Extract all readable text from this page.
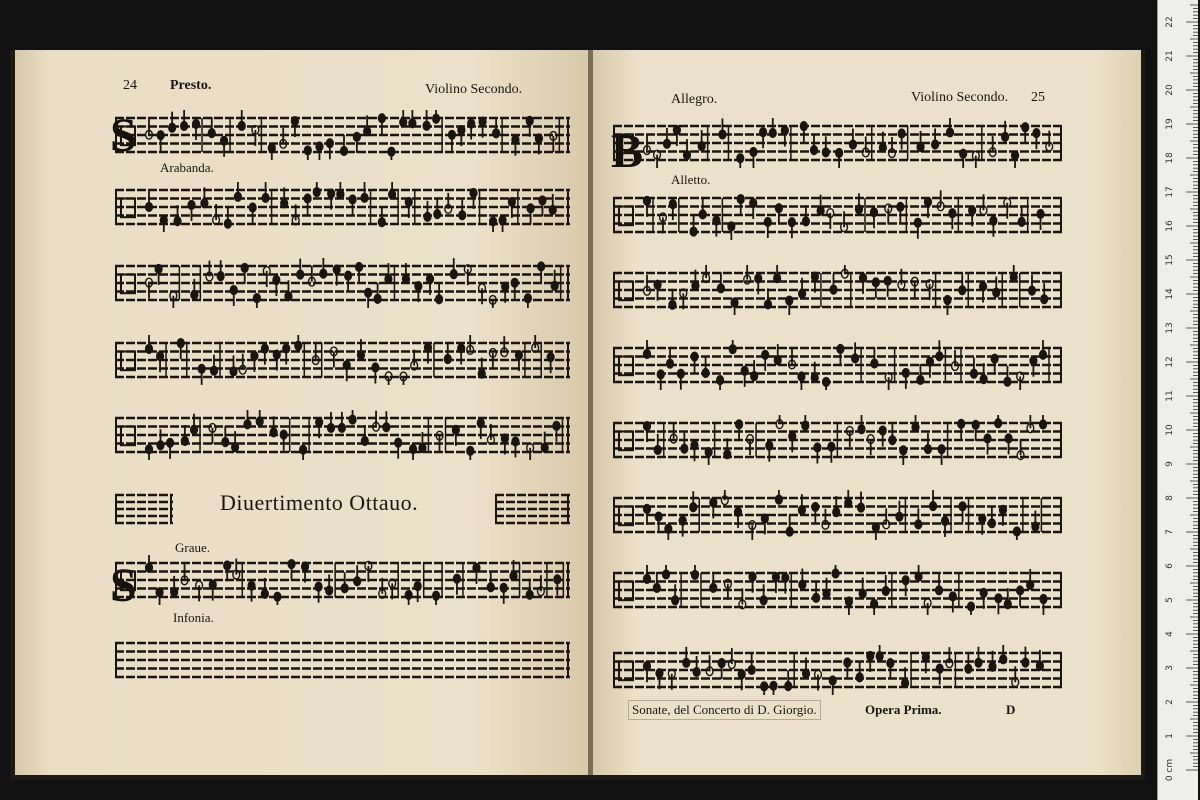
24 Presto.	Violino Secondo.
S
Arabanda.
Diuertimento Ottauo.
Graue.
S
Infonia.
Allegro.	Violino Secondo. 25
B
Alletto.
Sonate, del Concerto di D. Giorgio.	Opera Prima.	D
0 cm
1
2
3
4
5
6
7
8
9
10
11
12
13
14
15
16
17
18
19
20
21
22
